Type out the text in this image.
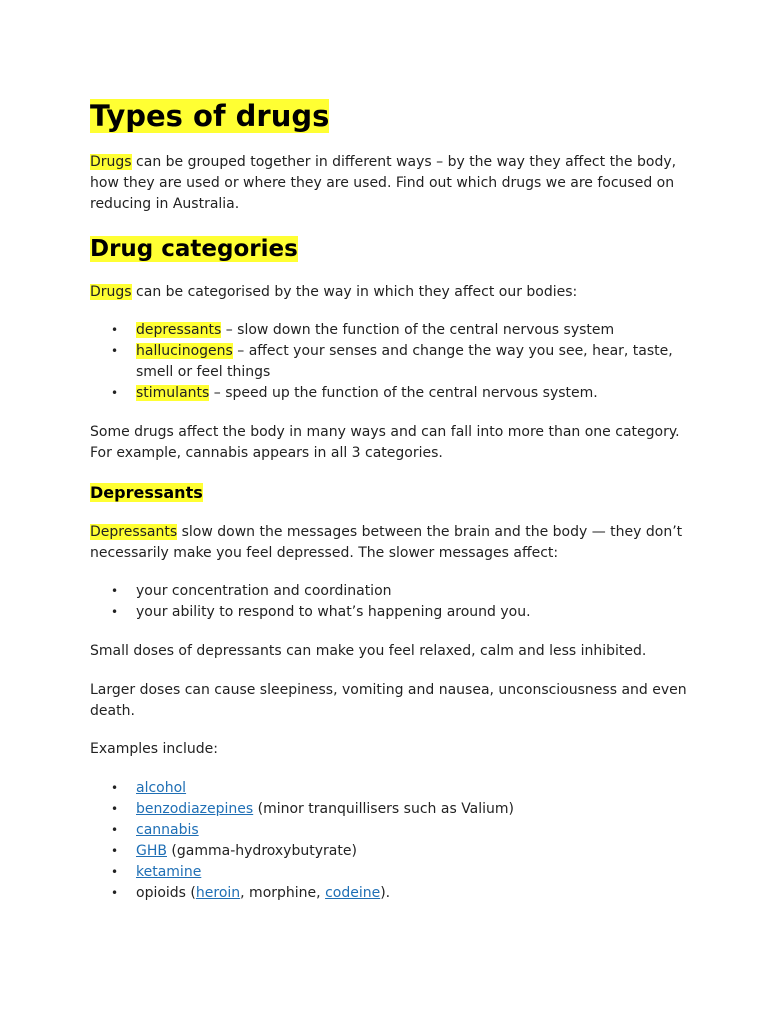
Types of drugs

Drugs can be grouped together in different ways – by the way they affect the body, how they are used or where they are used. Find out which drugs we are focused on reducing in Australia.

Drug categories

Drugs can be categorised by the way in which they affect our bodies:

• depressants – slow down the function of the central nervous system
• hallucinogens – affect your senses and change the way you see, hear, taste, smell or feel things
• stimulants – speed up the function of the central nervous system.

Some drugs affect the body in many ways and can fall into more than one category. For example, cannabis appears in all 3 categories.

Depressants

Depressants slow down the messages between the brain and the body — they don’t necessarily make you feel depressed. The slower messages affect:

• your concentration and coordination
• your ability to respond to what’s happening around you.

Small doses of depressants can make you feel relaxed, calm and less inhibited.

Larger doses can cause sleepiness, vomiting and nausea, unconsciousness and even death.

Examples include:

• alcohol
• benzodiazepines (minor tranquillisers such as Valium)
• cannabis
• GHB (gamma-hydroxybutyrate)
• ketamine
• opioids (heroin, morphine, codeine).
